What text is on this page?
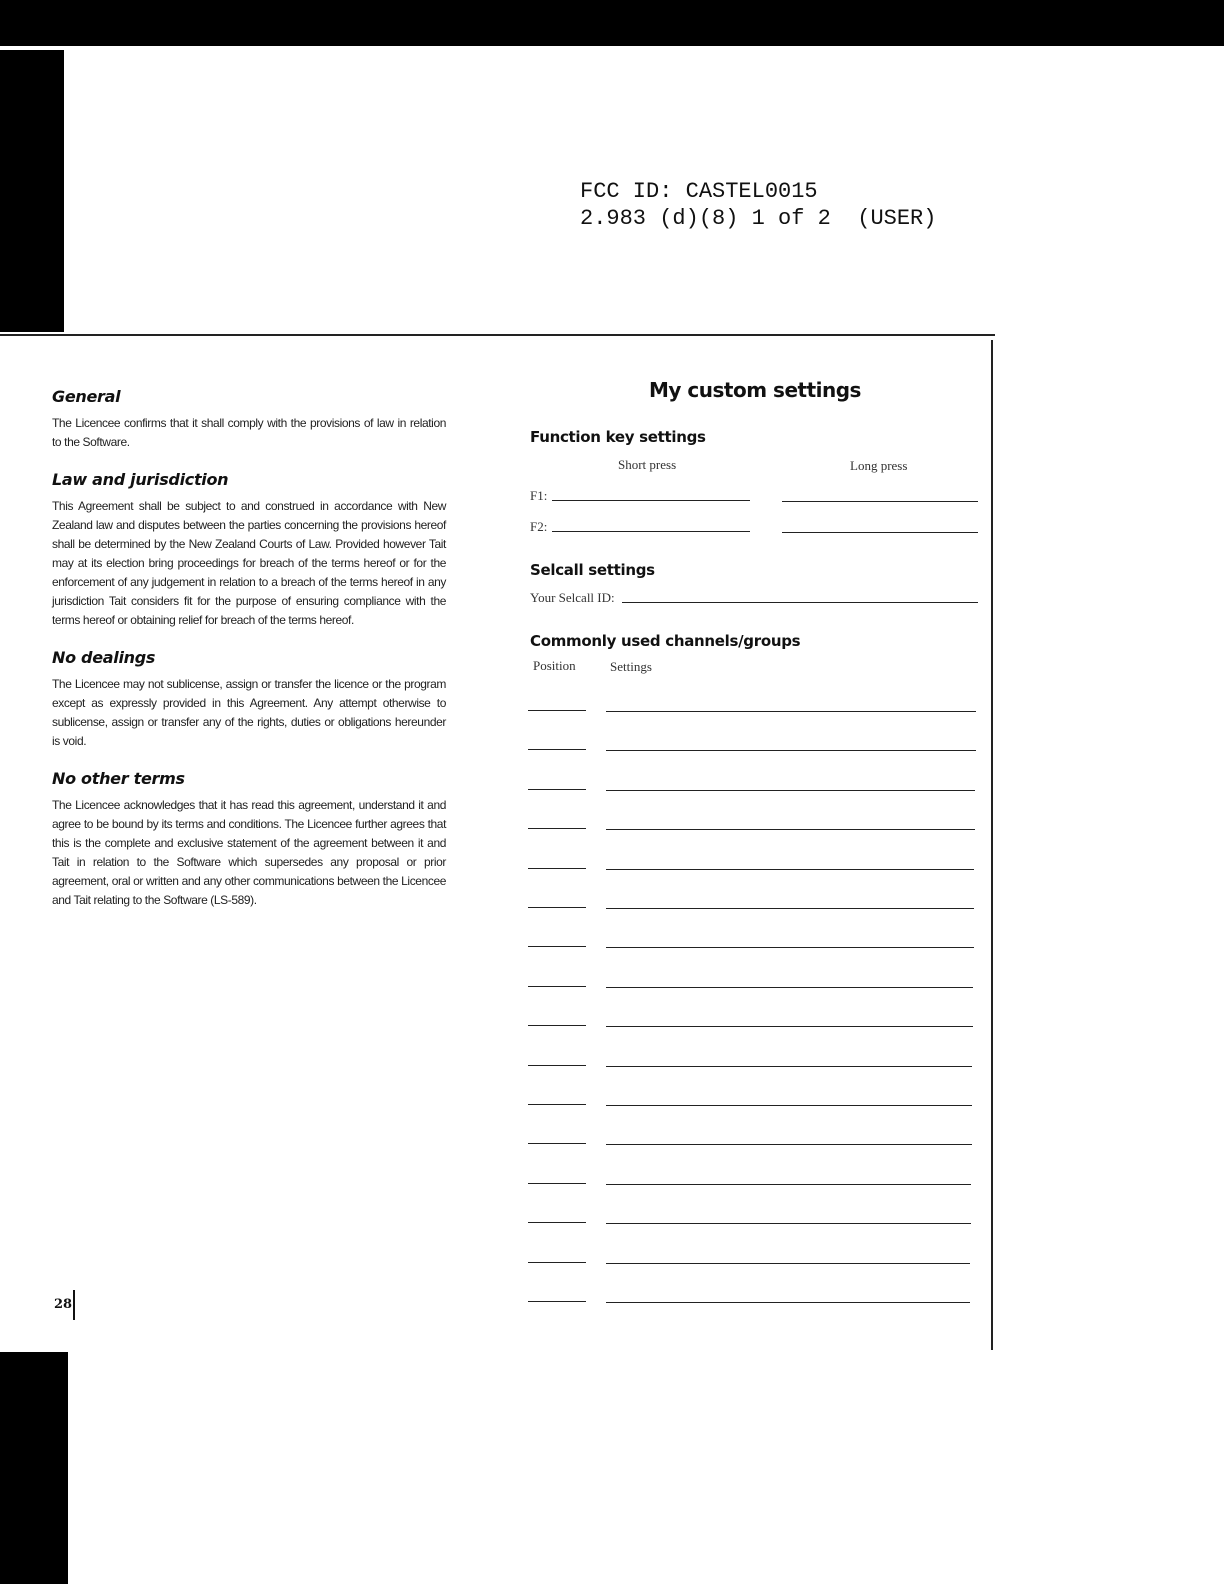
FCC ID: CASTEL0015
2.983 (d)(8) 1 of 2  (USER)
General

The Licencee confirms that it shall comply with the provisions of law in relation to the Software.

Law and jurisdiction

This Agreement shall be subject to and construed in accordance with New Zealand law and disputes between the parties concerning the provisions hereof shall be determined by the New Zealand Courts of Law. Provided however Tait may at its election bring proceedings for breach of the terms hereof or for the enforcement of any judgement in relation to a breach of the terms hereof in any jurisdiction Tait considers fit for the purpose of ensuring compliance with the terms hereof or obtaining relief for breach of the terms hereof.

No dealings

The Licencee may not sublicense, assign or transfer the licence or the program except as expressly provided in this Agreement. Any attempt otherwise to sublicense, assign or transfer any of the rights, duties or obligations hereunder is void.

No other terms

The Licencee acknowledges that it has read this agreement, understand it and agree to be bound by its terms and conditions. The Licencee further agrees that this is the complete and exclusive statement of the agreement between it and Tait in relation to the Software which supersedes any proposal or prior agreement, oral or written and any other communications between the Licencee and Tait relating to the Software (LS-589).

28
My custom settings
Function key settings
Short press	Long press
F1:
F2:
Selcall settings
Your Selcall ID:
Commonly used channels/groups
Position	Settings
